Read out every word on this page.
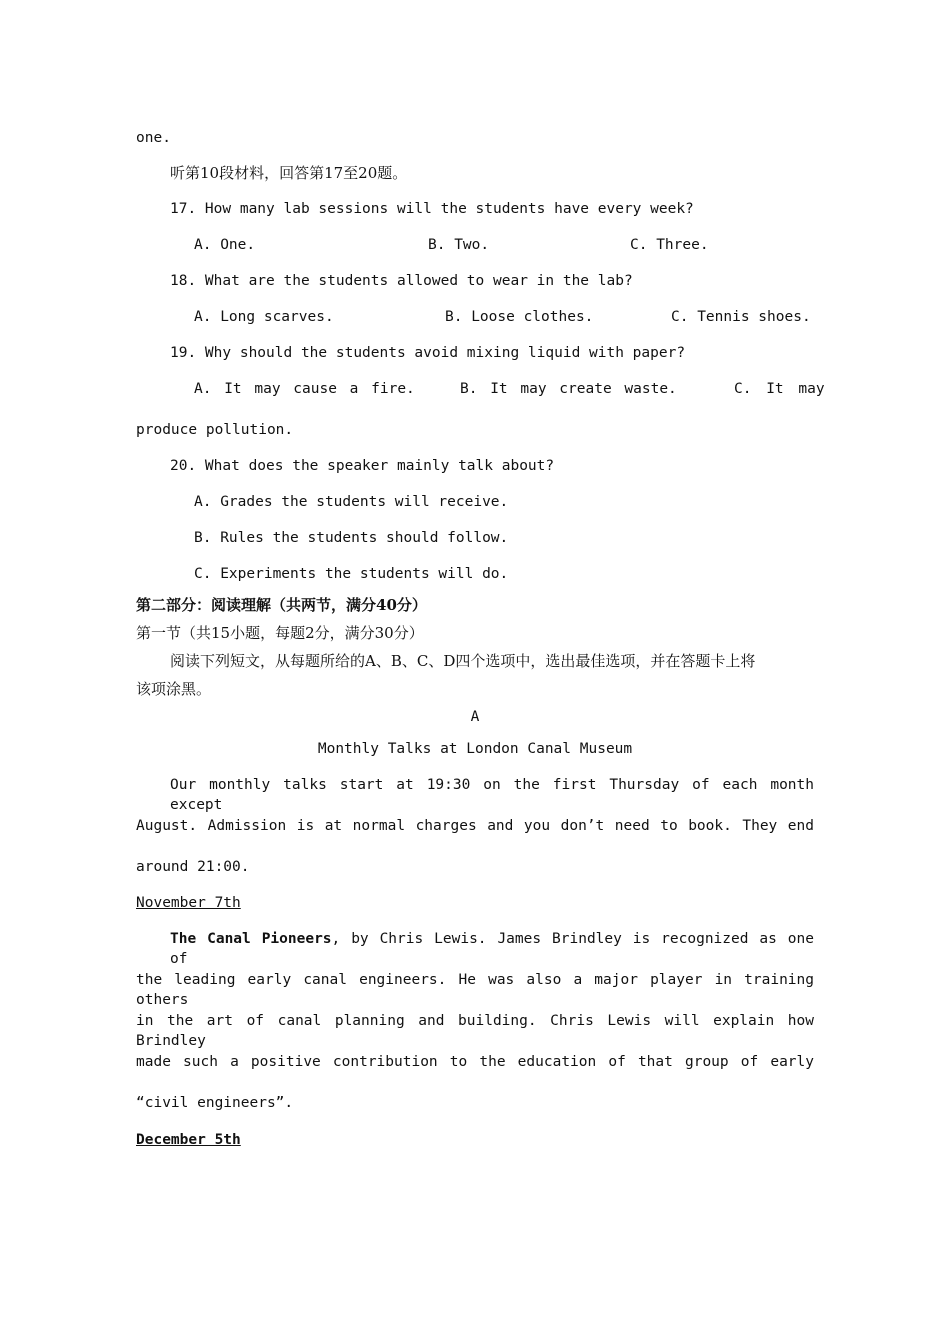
one.
听第10段材料，回答第17至20题。
17. How many lab sessions will the students have every week?
A. One.	B. Two.	C. Three.
18. What are the students allowed to wear in the lab?
A. Long scarves.	B. Loose clothes.	C. Tennis shoes.
19. Why should the students avoid mixing liquid with paper?
A. It may cause a fire.	B. It may create waste.	C. It may
produce pollution.
20. What does the speaker mainly talk about?
A. Grades the students will receive.
B. Rules the students should follow.
C. Experiments the students will do.
第二部分：阅读理解（共两节，满分40分）
第一节（共15小题，每题2分，满分30分）
阅读下列短文，从每题所给的A、B、C、D四个选项中，选出最佳选项，并在答题卡上将
该项涂黑。
A
Monthly Talks at London Canal Museum
Our monthly talks start at 19:30 on the first Thursday of each month except
August. Admission is at normal charges and you don’t need to book. They end
around 21:00.
November 7th
The Canal Pioneers, by Chris Lewis. James Brindley is recognized as one of
the leading early canal engineers. He was also a major player in training others
in the art of canal planning and building. Chris Lewis will explain how Brindley
made such a positive contribution to the education of that group of early
“civil engineers”.
December 5th
